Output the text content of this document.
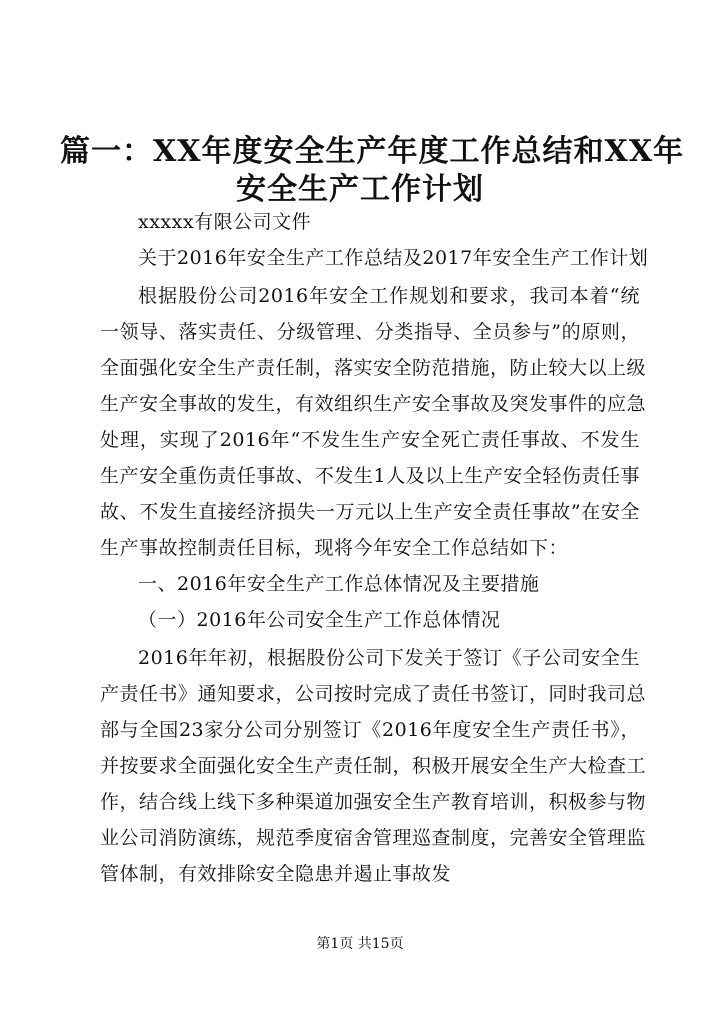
篇一：XX年度安全生产年度工作总结和XX年
安全生产工作计划
xxxxx有限公司文件
关于2016年安全生产工作总结及2017年安全生产工作计划
根据股份公司2016年安全工作规划和要求，我司本着“统
一领导、落实责任、分级管理、分类指导、全员参与”的原则，
全面强化安全生产责任制，落实安全防范措施，防止较大以上级
生产安全事故的发生，有效组织生产安全事故及突发事件的应急
处理，实现了2016年“不发生生产安全死亡责任事故、不发生
生产安全重伤责任事故、不发生1人及以上生产安全轻伤责任事
故、不发生直接经济损失一万元以上生产安全责任事故”在安全
生产事故控制责任目标，现将今年安全工作总结如下：
一、2016年安全生产工作总体情况及主要措施
（一）2016年公司安全生产工作总体情况
2016年年初，根据股份公司下发关于签订《子公司安全生
产责任书》通知要求，公司按时完成了责任书签订，同时我司总
部与全国23家分公司分别签订《2016年度安全生产责任书》，
并按要求全面强化安全生产责任制，积极开展安全生产大检查工
作，结合线上线下多种渠道加强安全生产教育培训，积极参与物
业公司消防演练，规范季度宿舍管理巡查制度，完善安全管理监
管体制，有效排除安全隐患并遏止事故发
第1页 共15页
